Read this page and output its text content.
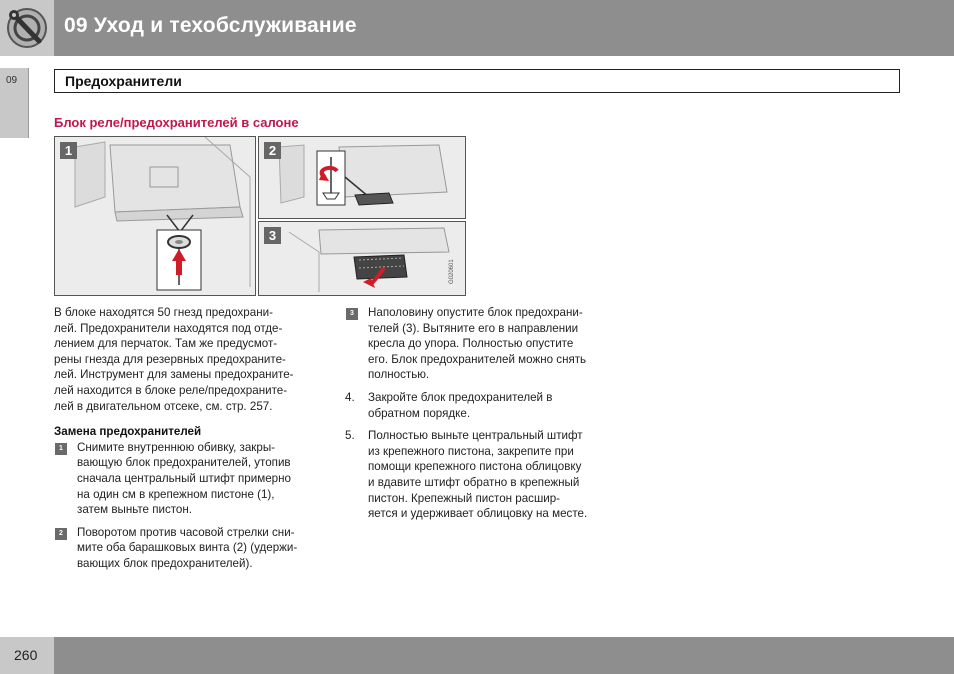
09 Уход и техобслуживание
09	Предохранители
Блок реле/предохранителей в салоне
1	2
3
G020601

В блоке находятся 50 гнезд предохрани-
лей. Предохранители находятся под отде-
лением для перчаток. Там же предусмот-
рены гнезда для резервных предохраните-
лей. Инструмент для замены предохраните-
лей находится в блоке реле/предохраните-
лей в двигательном отсеке, см. стр. 257.

Замена предохранителей
1	Снимите внутреннюю обивку, закры-
вающую блок предохранителей, утопив
сначала центральный штифт примерно
на один см в крепежном пистоне (1),
затем выньте пистон.

2	Поворотом против часовой стрелки сни-
мите оба барашковых винта (2) (удержи-
вающих блок предохранителей).

3	Наполовину опустите блок предохрани-
телей (3). Вытяните его в направлении
кресла до упора. Полностью опустите
его. Блок предохранителей можно снять
полностью.

4. Закройте блок предохранителей в
обратном порядке.

5. Полностью выньте центральный штифт
из крепежного пистона, закрепите при
помощи крепежного пистона облицовку
и вдавите штифт обратно в крепежный
пистон. Крепежный пистон расшир-
яется и удерживает облицовку на месте.

260
